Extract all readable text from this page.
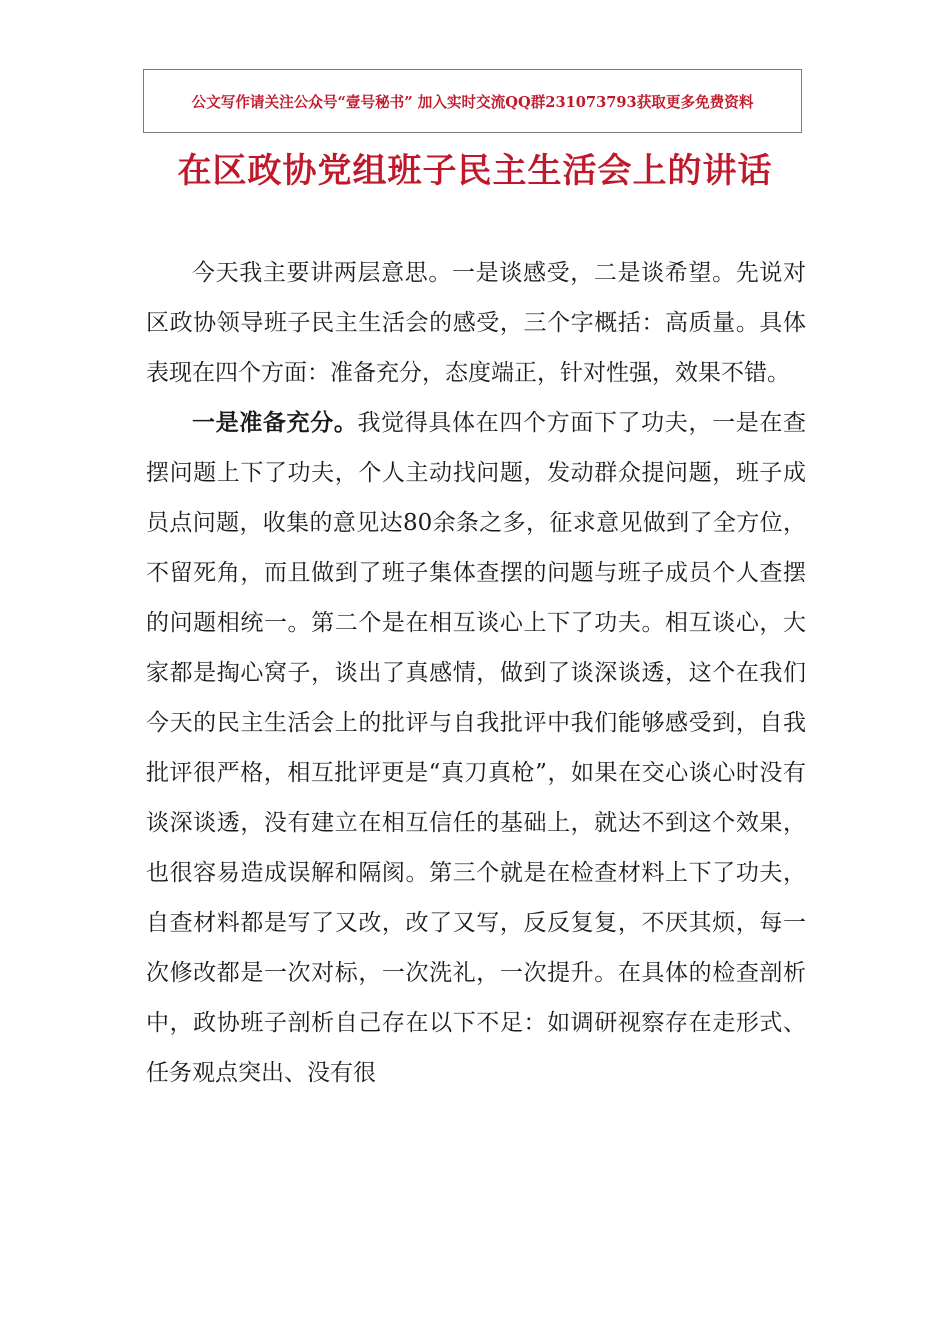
公文写作请关注公众号“壹号秘书” 加入实时交流QQ群231073793获取更多免费资料
在区政协党组班子民主生活会上的讲话

今天我主要讲两层意思。一是谈感受，二是谈希望。先说对区政协领导班子民主生活会的感受，三个字概括：高质量。具体表现在四个方面：准备充分，态度端正，针对性强，效果不错。

一是准备充分。我觉得具体在四个方面下了功夫，一是在查摆问题上下了功夫，个人主动找问题，发动群众提问题，班子成员点问题，收集的意见达80余条之多，征求意见做到了全方位，不留死角，而且做到了班子集体查摆的问题与班子成员个人查摆的问题相统一。第二个是在相互谈心上下了功夫。相互谈心，大家都是掏心窝子，谈出了真感情，做到了谈深谈透，这个在我们今天的民主生活会上的批评与自我批评中我们能够感受到，自我批评很严格，相互批评更是“真刀真枪”，如果在交心谈心时没有谈深谈透，没有建立在相互信任的基础上，就达不到这个效果，也很容易造成误解和隔阂。第三个就是在检查材料上下了功夫，自查材料都是写了又改，改了又写，反反复复，不厌其烦，每一次修改都是一次对标，一次洗礼，一次提升。在具体的检查剖析中，政协班子剖析自己存在以下不足：如调研视察存在走形式、任务观点突出、没有很
